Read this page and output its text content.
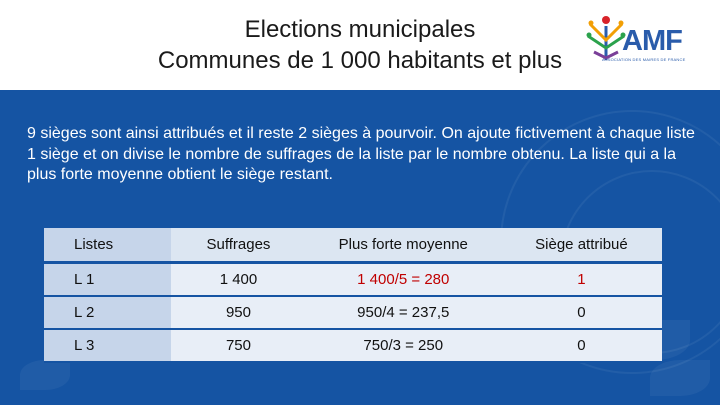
Elections municipales
Communes de 1 000 habitants et plus
AMF
ASSOCIATION DES MAIRES DE FRANCE
9 sièges sont ainsi attribués et il reste 2 sièges à pourvoir. On ajoute fictivement à chaque liste 1 siège et on divise le nombre de suffrages de la liste par le nombre obtenu. La liste qui a la plus forte moyenne obtient le siège restant.
Listes	Suffrages	Plus forte moyenne	Siège attribué
L 1	1 400	1 400/5 = 280	1
L 2	950	950/4 = 237,5	0
L 3	750	750/3 = 250	0
